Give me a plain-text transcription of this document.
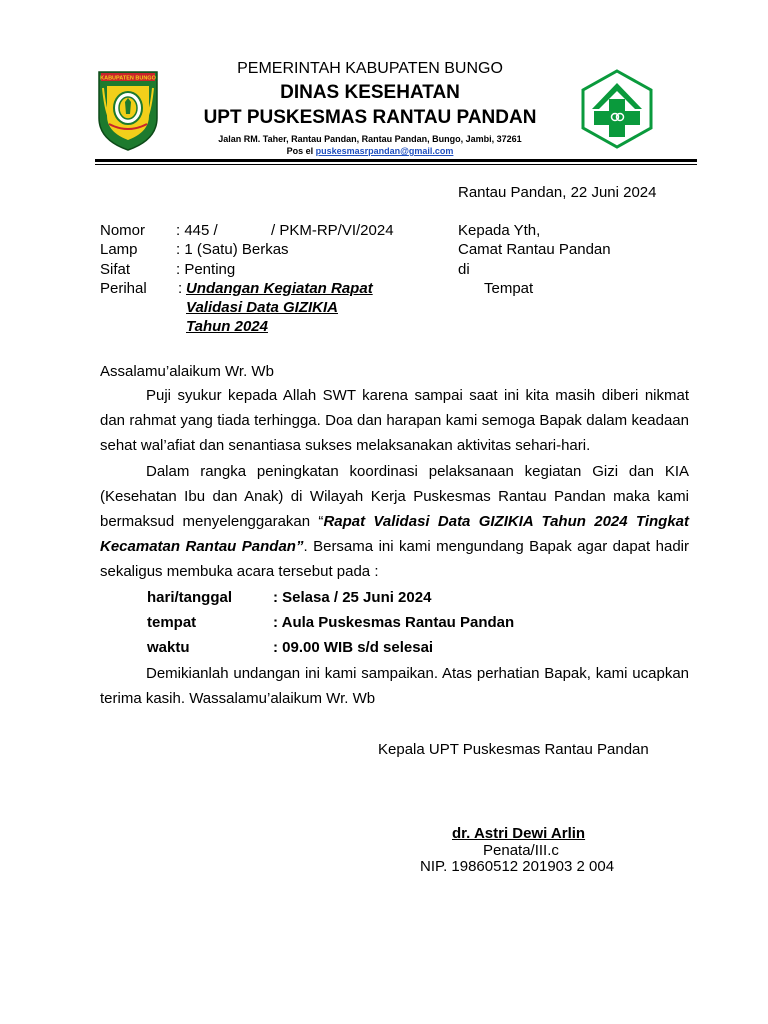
KABUPATEN BUNGO
PEMERINTAH KABUPATEN BUNGO
DINAS KESEHATAN
UPT PUSKESMAS RANTAU PANDAN
Jalan RM. Taher, Rantau Pandan, Rantau Pandan, Bungo, Jambi, 37261
Pos el puskesmasrpandan@gmail.com
Rantau Pandan, 22 Juni 2024
Nomor : 445 /	/ PKM-RP/VI/2024
Lamp	: 1 (Satu) Berkas
Sifat	: Penting
Perihal : Undangan Kegiatan Rapat
Validasi Data GIZIKIA
Tahun 2024
Kepada Yth,
Camat Rantau Pandan
di
Tempat
Assalamu’alaikum Wr. Wb

Puji syukur kepada Allah SWT karena sampai saat ini kita masih diberi nikmat dan rahmat yang tiada terhingga. Doa dan harapan kami semoga Bapak dalam keadaan sehat wal’afiat dan senantiasa sukses melaksanakan aktivitas sehari-hari.

Dalam rangka peningkatan koordinasi pelaksanaan kegiatan Gizi dan KIA (Kesehatan Ibu dan Anak) di Wilayah Kerja Puskesmas Rantau Pandan maka kami bermaksud menyelenggarakan “Rapat Validasi Data GIZIKIA Tahun 2024 Tingkat Kecamatan Rantau Pandan”. Bersama ini kami mengundang Bapak agar dapat hadir sekaligus membuka acara tersebut pada :

hari/tanggal	: Selasa / 25 Juni 2024
tempat	: Aula Puskesmas Rantau Pandan
waktu	: 09.00 WIB s/d selesai

Demikianlah undangan ini kami sampaikan. Atas perhatian Bapak, kami ucapkan terima kasih. Wassalamu’alaikum Wr. Wb

Kepala UPT Puskesmas Rantau Pandan
dr. Astri Dewi Arlin
Penata/III.c
NIP. 19860512 201903 2 004
